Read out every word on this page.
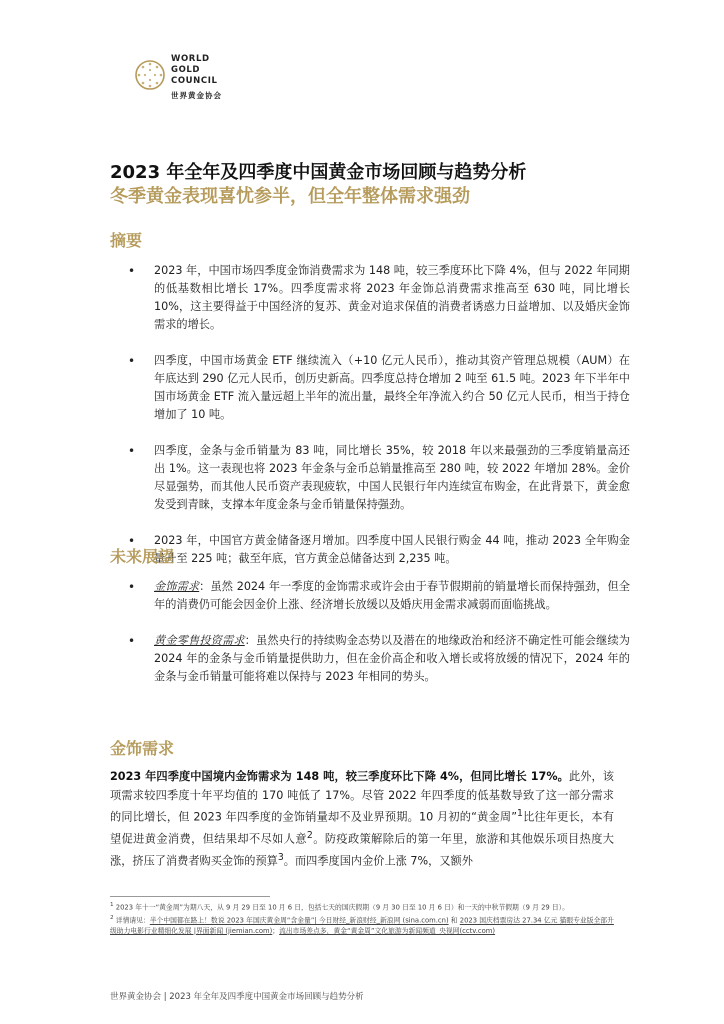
WORLD
GOLD
COUNCIL
世界黄金协会
2023 年全年及四季度中国黄金市场回顾与趋势分析
冬季黄金表现喜忧参半，但全年整体需求强劲
摘要
• 2023 年，中国市场四季度金饰消费需求为 148 吨，较三季度环比下降 4%，但与 2022 年同期的低基数相比增长 17%。四季度需求将 2023 年金饰总消费需求推高至 630 吨，同比增长 10%，这主要得益于中国经济的复苏、黄金对追求保值的消费者诱惑力日益增加、以及婚庆金饰需求的增长。
• 四季度，中国市场黄金 ETF 继续流入（+10 亿元人民币），推动其资产管理总规模（AUM）在年底达到 290 亿元人民币，创历史新高。四季度总持仓增加 2 吨至 61.5 吨。2023 年下半年中国市场黄金 ETF 流入量远超上半年的流出量，最终全年净流入约合 50 亿元人民币，相当于持仓增加了 10 吨。
• 四季度，金条与金币销量为 83 吨，同比增长 35%，较 2018 年以来最强劲的三季度销量高还出 1%。这一表现也将 2023 年金条与金币总销量推高至 280 吨，较 2022 年增加 28%。金价尽显强势，而其他人民币资产表现疲软，中国人民银行年内连续宣布购金，在此背景下，黄金愈发受到青睐，支撑本年度金条与金币销量保持强劲。
• 2023 年，中国官方黄金储备逐月增加。四季度中国人民银行购金 44 吨，推动 2023 全年购金量升至 225 吨；截至年底，官方黄金总储备达到 2,235 吨。
未来展望
• 金饰需求：虽然 2024 年一季度的金饰需求或许会由于春节假期前的销量增长而保持强劲，但全年的消费仍可能会因金价上涨、经济增长放缓以及婚庆用金需求减弱而面临挑战。
• 黄金零售投资需求：虽然央行的持续购金态势以及潜在的地缘政治和经济不确定性可能会继续为 2024 年的金条与金币销量提供助力，但在金价高企和收入增长或将放缓的情况下，2024 年的金条与金币销量可能将难以保持与 2023 年相同的势头。
金饰需求
2023 年四季度中国境内金饰需求为 148 吨，较三季度环比下降 4%，但同比增长 17%。此外，该项需求较四季度十年平均值的 170 吨低了 17%。尽管 2022 年四季度的低基数导致了这一部分需求的同比增长，但 2023 年四季度的金饰销量却不及业界预期。10 月初的“黄金周”$^1$比往年更长，本有望促进黄金消费，但结果却不尽如人意$^2$。防疫政策解除后的第一年里，旅游和其他娱乐项目热度大涨，挤压了消费者购买金饰的预算$^3$。而四季度国内金价上涨 7%，又额外
$^1$ 2023 年十一“黄金周”为期八天，从 9 月 29 日至 10 月 6 日，包括七天的国庆假期（9 月 30 日至 10 月 6 日）和一天的中秋节假期（9 月 29 日）。
$^2$ 详情请见：半个中国都在路上！数说 2023 年国庆黄金周“含金量”| 今日财经_新浪财经_新浪网 (sina.com.cn) 和 2023 国庆档票房达 27.34 亿元 猫眼专业版全部升级助力电影行业精细化发展 |界面新闻 (jiemian.com)；流出市场差点多，黄金“黄金周”文化旅游为新闻频道_央视网(cctv.com)
世界黄金协会 | 2023 年全年及四季度中国黄金市场回顾与趋势分析
